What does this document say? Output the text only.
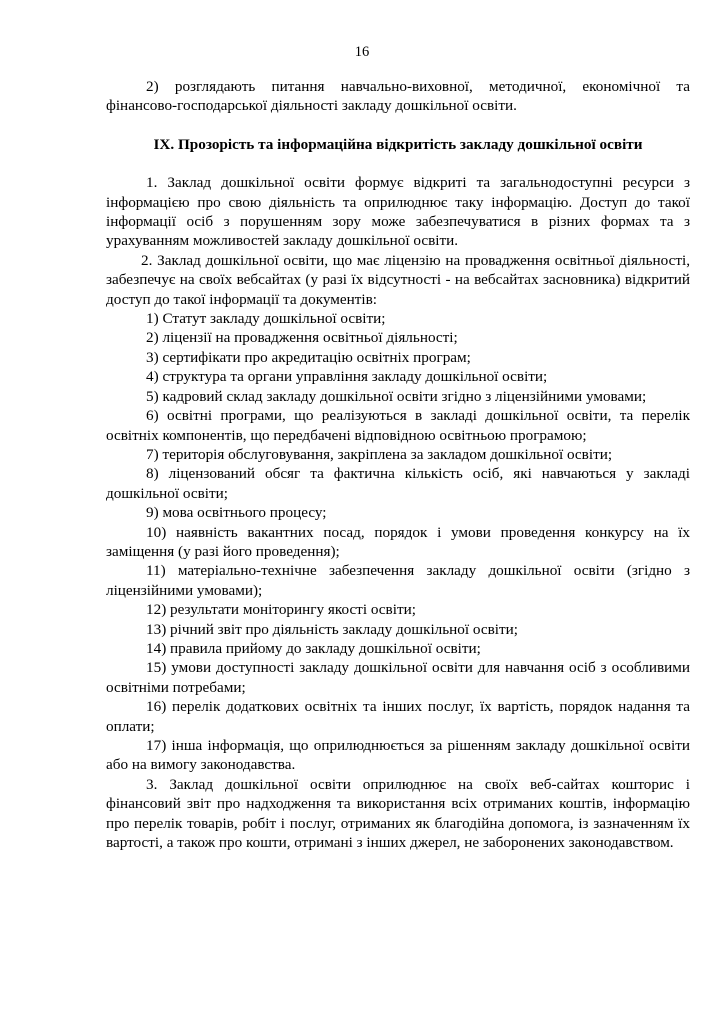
16

2) розглядають питання навчально-виховної, методичної, економічної та фінансово-господарської діяльності закладу дошкільної освіти.

IX. Прозорість та інформаційна відкритість закладу дошкільної освіти

1. Заклад дошкільної освіти формує відкриті та загальнодоступні ресурси з інформацією про свою діяльність та оприлюднює таку інформацію. Доступ до такої інформації осіб з порушенням зору може забезпечуватися в різних формах та з урахуванням можливостей закладу дошкільної освіти.

2. Заклад дошкільної освіти, що має ліцензію на провадження освітньої діяльності, забезпечує на своїх вебсайтах (у разі їх відсутності - на вебсайтах засновника) відкритий доступ до такої інформації та документів:

1) Статут закладу дошкільної освіти;

2) ліцензії на провадження освітньої діяльності;

3) сертифікати про акредитацію освітніх програм;

4) структура та органи управління закладу дошкільної освіти;

5) кадровий склад закладу дошкільної освіти згідно з ліцензійними умовами;

6) освітні програми, що реалізуються в закладі дошкільної освіти, та перелік освітніх компонентів, що передбачені відповідною освітньою програмою;

7) територія обслуговування, закріплена за закладом дошкільної освіти;

8) ліцензований обсяг та фактична кількість осіб, які навчаються у закладі дошкільної освіти;

9) мова освітнього процесу;

10) наявність вакантних посад, порядок і умови проведення конкурсу на їх заміщення (у разі його проведення);

11) матеріально-технічне забезпечення закладу дошкільної освіти (згідно з ліцензійними умовами);

12) результати моніторингу якості освіти;

13) річний звіт про діяльність закладу дошкільної освіти;

14) правила прийому до закладу дошкільної освіти;

15) умови доступності закладу дошкільної освіти для навчання осіб з особливими освітніми потребами;

16) перелік додаткових освітніх та інших послуг, їх вартість, порядок надання та оплати;

17) інша інформація, що оприлюднюється за рішенням закладу дошкільної освіти або на вимогу законодавства.

3. Заклад дошкільної освіти оприлюднює на своїх веб-сайтах кошторис і фінансовий звіт про надходження та використання всіх отриманих коштів, інформацію про перелік товарів, робіт і послуг, отриманих як благодійна допомога, із зазначенням їх вартості, а також про кошти, отримані з інших джерел, не заборонених законодавством.
